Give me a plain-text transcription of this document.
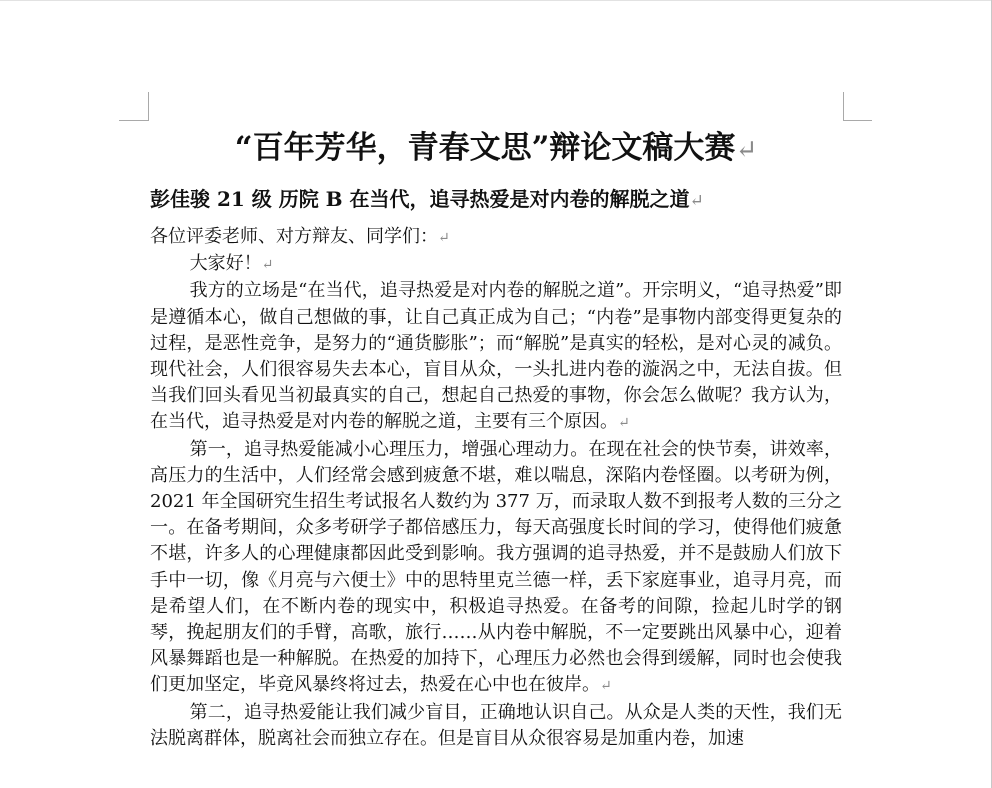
“百年芳华，青春文思”辩论文稿大赛↵
彭佳骏 21 级 历院 B 在当代，追寻热爱是对内卷的解脱之道↵

各位评委老师、对方辩友、同学们：↵

大家好！↵

我方的立场是“在当代，追寻热爱是对内卷的解脱之道”。开宗明义，“追寻热爱”即是遵循本心，做自己想做的事，让自己真正成为自己；“内卷”是事物内部变得更复杂的过程，是恶性竞争，是努力的“通货膨胀”；而“解脱”是真实的轻松，是对心灵的减负。现代社会，人们很容易失去本心，盲目从众，一头扎进内卷的漩涡之中，无法自拔。但当我们回头看见当初最真实的自己，想起自己热爱的事物，你会怎么做呢？我方认为，在当代，追寻热爱是对内卷的解脱之道，主要有三个原因。↵

第一，追寻热爱能减小心理压力，增强心理动力。在现在社会的快节奏，讲效率，高压力的生活中，人们经常会感到疲惫不堪，难以喘息，深陷内卷怪圈。以考研为例，2021 年全国研究生招生考试报名人数约为 377 万，而录取人数不到报考人数的三分之一。在备考期间，众多考研学子都倍感压力，每天高强度长时间的学习，使得他们疲惫不堪，许多人的心理健康都因此受到影响。我方强调的追寻热爱，并不是鼓励人们放下手中一切，像《月亮与六便士》中的思特里克兰德一样，丢下家庭事业，追寻月亮，而是希望人们，在不断内卷的现实中，积极追寻热爱。在备考的间隙，捡起儿时学的钢琴，挽起朋友们的手臂，高歌，旅行……从内卷中解脱，不一定要跳出风暴中心，迎着风暴舞蹈也是一种解脱。在热爱的加持下，心理压力必然也会得到缓解，同时也会使我们更加坚定，毕竟风暴终将过去，热爱在心中也在彼岸。↵

第二，追寻热爱能让我们减少盲目，正确地认识自己。从众是人类的天性，我们无法脱离群体，脱离社会而独立存在。但是盲目从众很容易是加重内卷，加速
